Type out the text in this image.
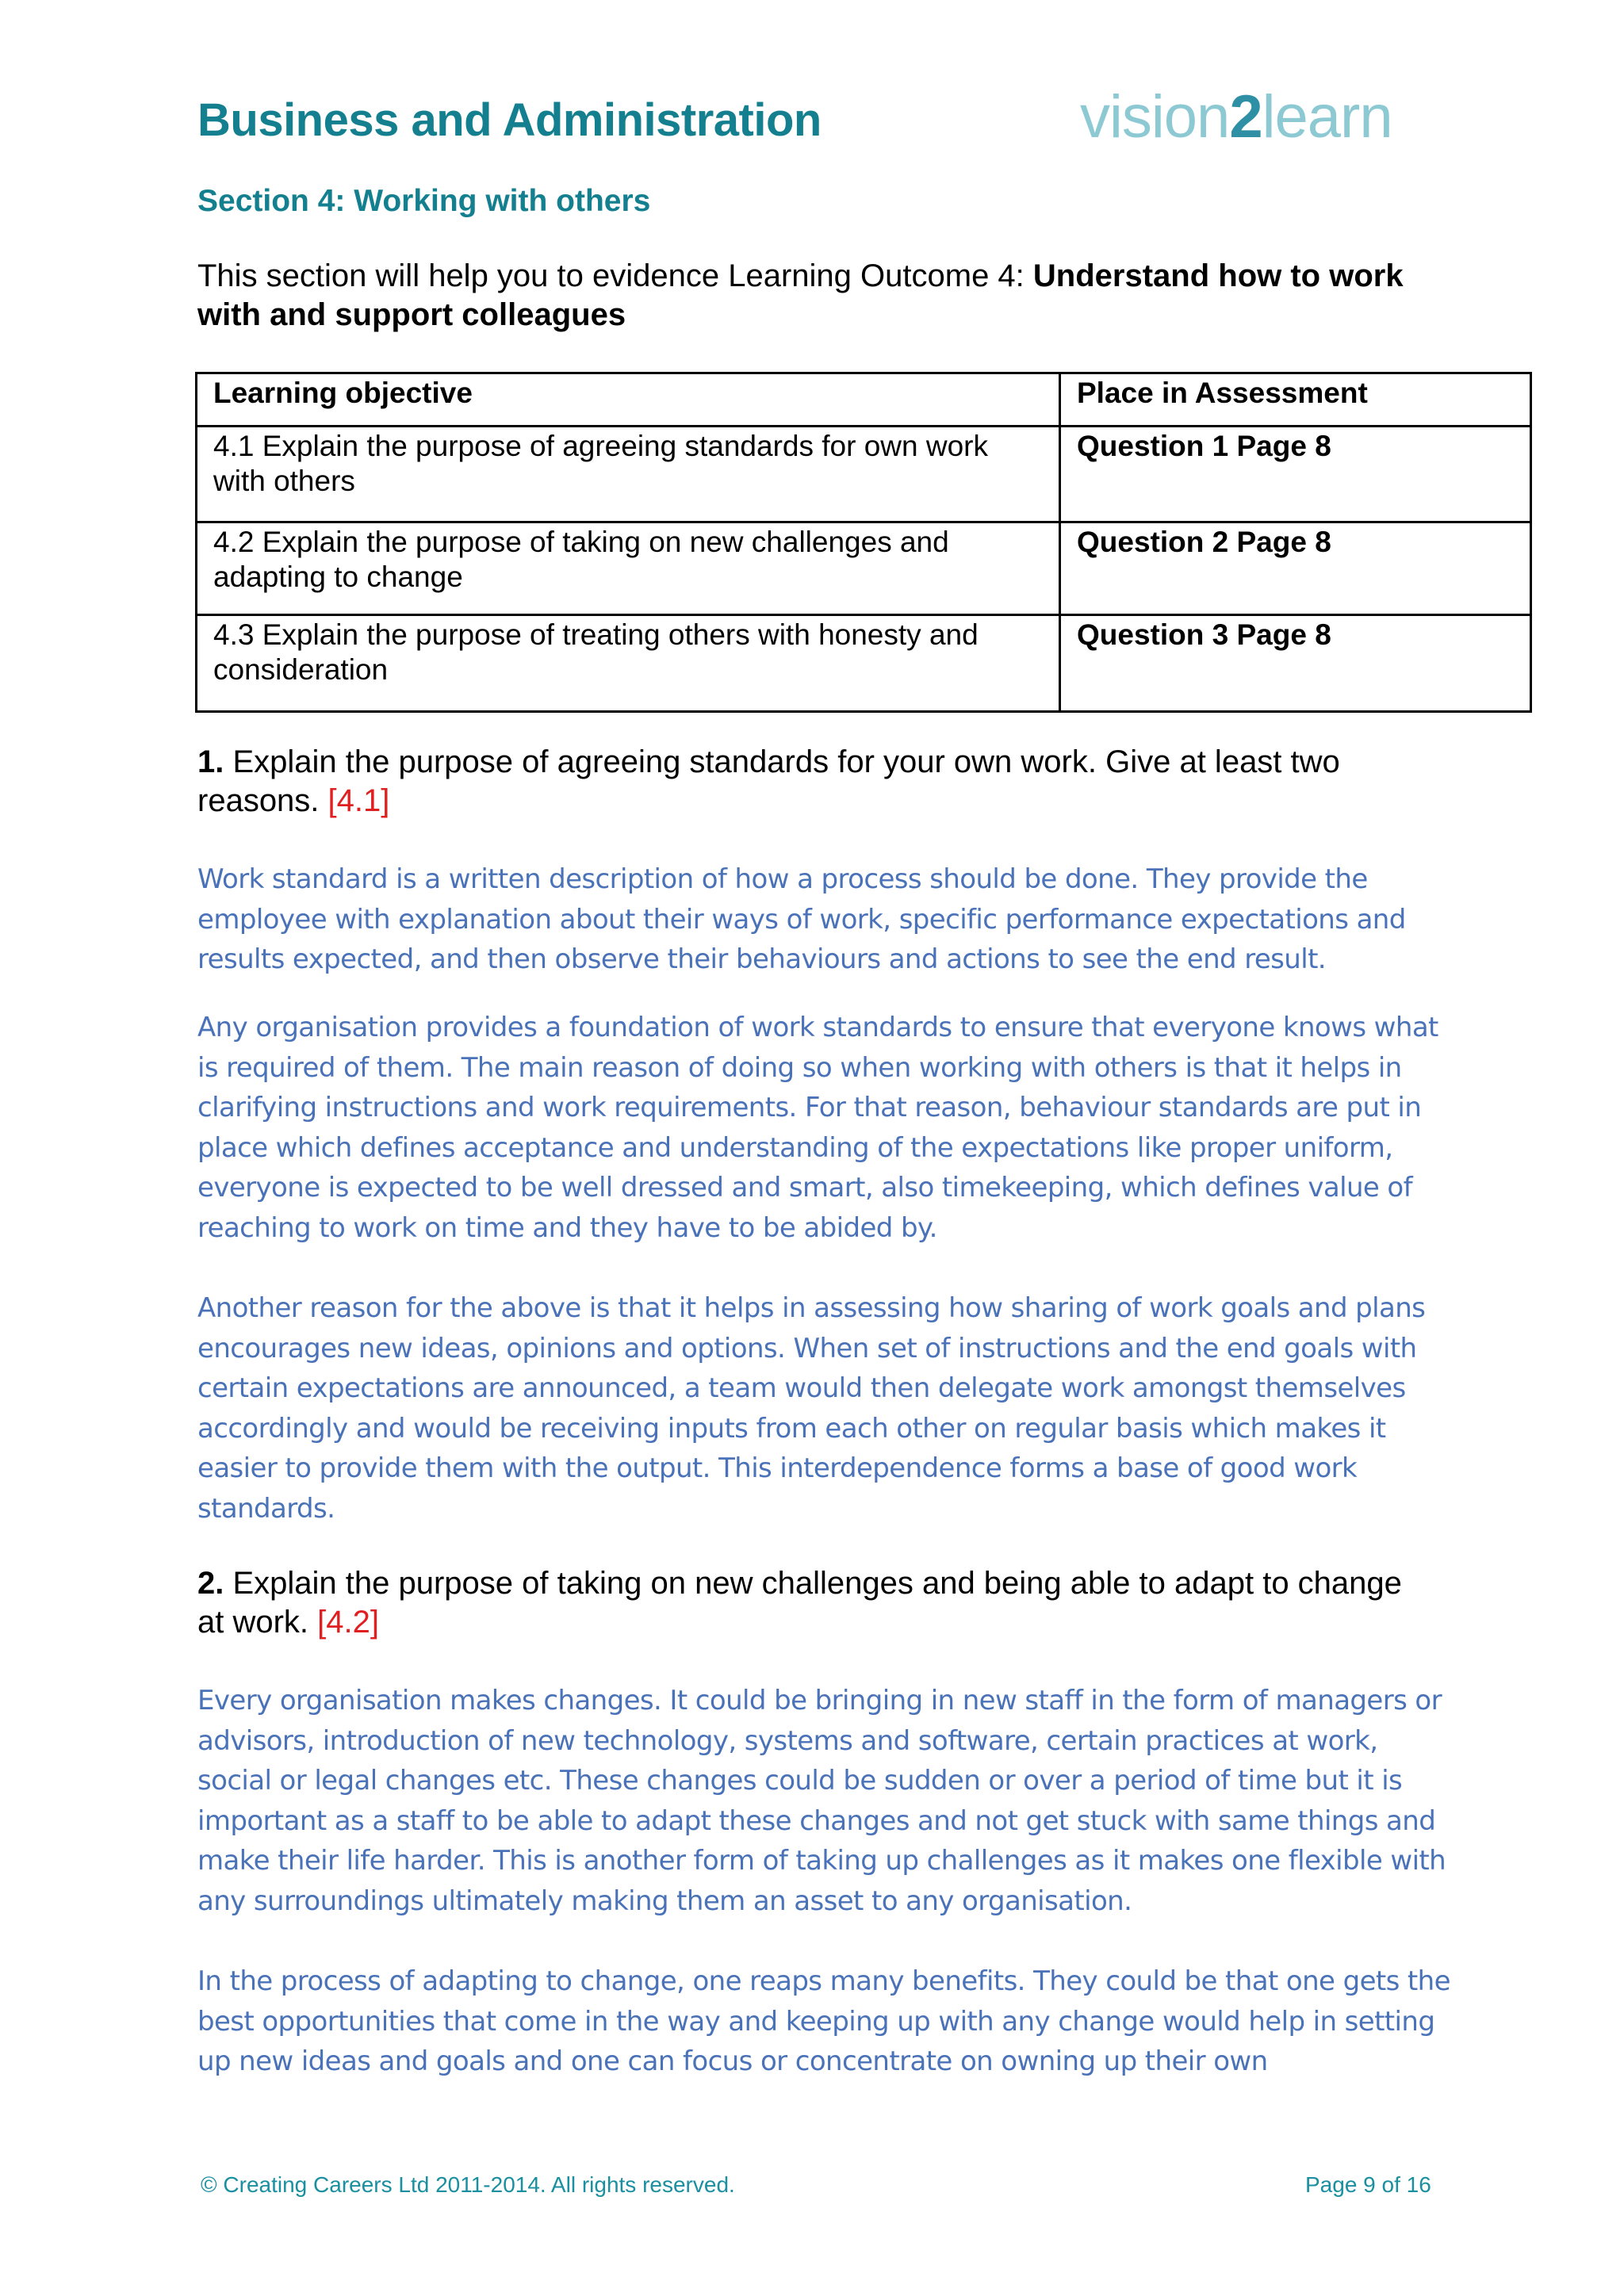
Business and Administration	vision2learn
Section 4: Working with others
This section will help you to evidence Learning Outcome 4: Understand how to work with and support colleagues
Learning objective	Place in Assessment
4.1 Explain the purpose of agreeing standards for own work with others	Question 1 Page 8
4.2 Explain the purpose of taking on new challenges and adapting to change	Question 2 Page 8
4.3 Explain the purpose of treating others with honesty and consideration	Question 3 Page 8
1. Explain the purpose of agreeing standards for your own work. Give at least two reasons. [4.1]
Work standard is a written description of how a process should be done. They provide the employee with explanation about their ways of work, specific performance expectations and results expected, and then observe their behaviours and actions to see the end result.
Any organisation provides a foundation of work standards to ensure that everyone knows what is required of them. The main reason of doing so when working with others is that it helps in clarifying instructions and work requirements. For that reason, behaviour standards are put in place which defines acceptance and understanding of the expectations like proper uniform, everyone is expected to be well dressed and smart, also timekeeping, which defines value of reaching to work on time and they have to be abided by.
Another reason for the above is that it helps in assessing how sharing of work goals and plans encourages new ideas, opinions and options. When set of instructions and the end goals with certain expectations are announced, a team would then delegate work amongst themselves accordingly and would be receiving inputs from each other on regular basis which makes it easier to provide them with the output. This interdependence forms a base of good work standards.
2. Explain the purpose of taking on new challenges and being able to adapt to change at work. [4.2]
Every organisation makes changes. It could be bringing in new staff in the form of managers or advisors, introduction of new technology, systems and software, certain practices at work, social or legal changes etc. These changes could be sudden or over a period of time but it is important as a staff to be able to adapt these changes and not get stuck with same things and make their life harder. This is another form of taking up challenges as it makes one flexible with any surroundings ultimately making them an asset to any organisation.
In the process of adapting to change, one reaps many benefits. They could be that one gets the best opportunities that come in the way and keeping up with any change would help in setting up new ideas and goals and one can focus or concentrate on owning up their own
© Creating Careers Ltd 2011-2014. All rights reserved.	Page 9 of 16
